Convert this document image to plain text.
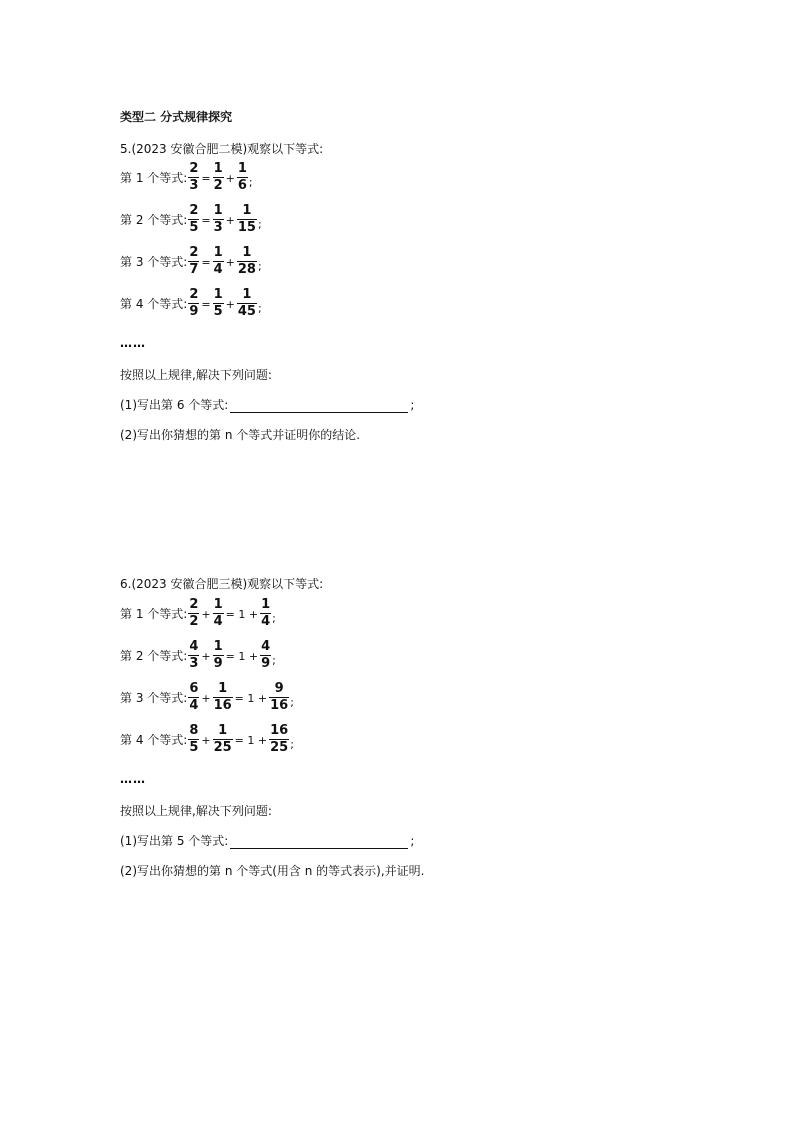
类型二 分式规律探究
5.(2023 安徽合肥二模)观察以下等式:
第 1 个等式: $\frac{2}{3} = \frac{1}{2} + \frac{1}{6}$ ;
第 2 个等式: $\frac{2}{5} = \frac{1}{3} + \frac{1}{15}$ ;
第 3 个等式: $\frac{2}{7} = \frac{1}{4} + \frac{1}{28}$ ;
第 4 个等式: $\frac{2}{9} = \frac{1}{5} + \frac{1}{45}$ ;
……
按照以上规律,解决下列问题:
(1)写出第 6 个等式:	;
(2)写出你猜想的第 n 个等式并证明你的结论.
6.(2023 安徽合肥三模)观察以下等式:
第 1 个等式: $\frac{2}{2} + \frac{1}{4} = 1 + \frac{1}{4}$ ;
第 2 个等式: $\frac{4}{3} + \frac{1}{9} = 1 + \frac{4}{9}$ ;
第 3 个等式: $\frac{6}{4} + \frac{1}{16} = 1 + \frac{9}{16}$ ;
第 4 个等式: $\frac{8}{5} + \frac{1}{25} = 1 + \frac{16}{25}$ ;
……
按照以上规律,解决下列问题:
(1)写出第 5 个等式:	;
(2)写出你猜想的第 n 个等式(用含 n 的等式表示),并证明.
